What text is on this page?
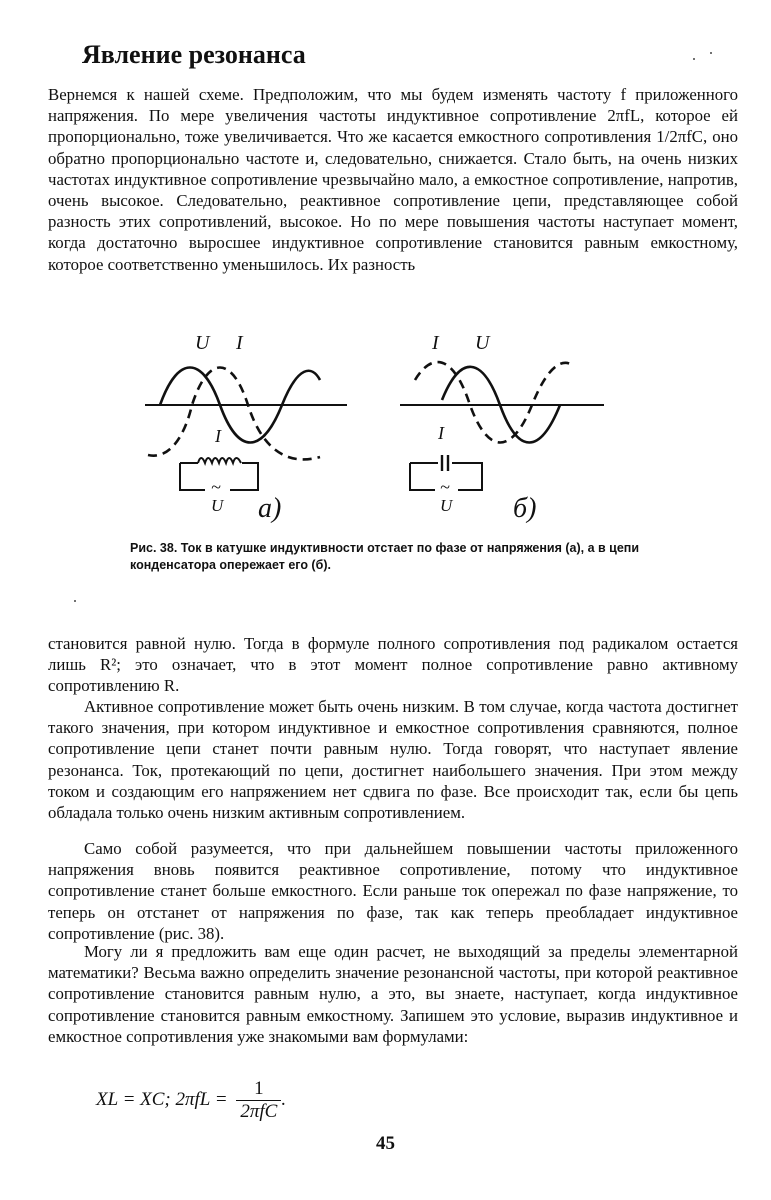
Явление резонанса
Вернемся к нашей схеме. Предположим, что мы будем изменять частоту f приложенного напряжения. По мере увеличения частоты индуктивное сопротивление 2πfL, которое ей пропорционально, тоже увеличивается. Что же касается емкостного сопротивления 1/2πfC, оно обратно пропорционально частоте и, следовательно, снижается. Стало быть, на очень низких частотах индуктивное сопротивление чрезвычайно мало, а емкостное сопротивление, напротив, очень высокое. Следовательно, реактивное сопротивление цепи, представляющее собой разность этих сопротивлений, высокое. Но по мере повышения частоты наступает момент, когда достаточно выросшее индуктивное сопротивление становится равным емкостному, которое соответственно уменьшилось. Их разность
U I
I
~
U а)
I U
I
~
U б)
Рис. 38. Ток в катушке индуктивности отстает по фазе от напряжения (а), а в цепи конденсатора опережает его (б).
становится равной нулю. Тогда в формуле полного сопротивления под радикалом остается лишь R²; это означает, что в этот момент полное сопротивление равно активному сопротивлению R.
Активное сопротивление может быть очень низким. В том случае, когда частота достигнет такого значения, при котором индуктивное и емкостное сопротивления сравняются, полное сопротивление цепи станет почти равным нулю. Тогда говорят, что наступает явление резонанса. Ток, протекающий по цепи, достигнет наибольшего значения. При этом между током и создающим его напряжением нет сдвига по фазе. Все происходит так, если бы цепь обладала только очень низким активным сопротивлением.
Само собой разумеется, что при дальнейшем повышении частоты приложенного напряжения вновь появится реактивное сопротивление, потому что индуктивное сопротивление станет больше емкостного. Если раньше ток опережал по фазе напряжение, то теперь он отстанет от напряжения по фазе, так как теперь преобладает индуктивное сопротивление (рис. 38).
Могу ли я предложить вам еще один расчет, не выходящий за пределы элементарной математики? Весьма важно определить значение резонансной частоты, при которой реактивное сопротивление становится равным нулю, а это, вы знаете, наступает, когда индуктивное сопротивление становится равным емкостному. Запишем это условие, выразив индуктивное и емкостное сопротивления уже знакомыми вам формулами:
XL = XC; $2\pi fL = \frac{1}{\text{2πfC}}$ .
45
